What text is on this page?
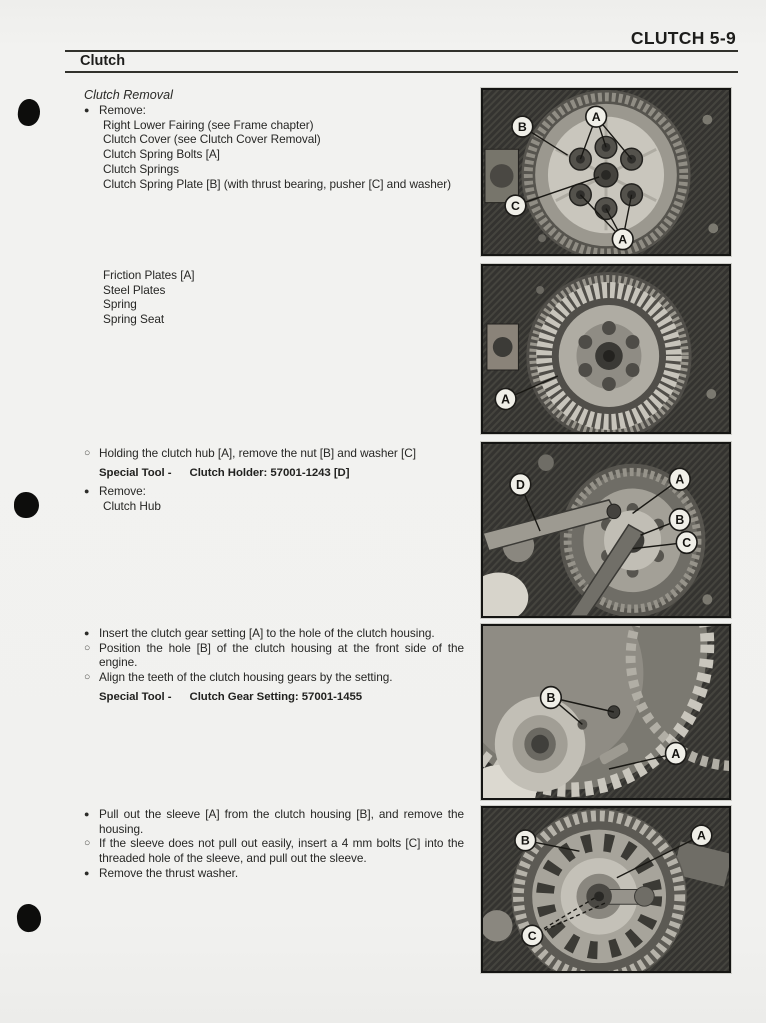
CLUTCH 5-9
Clutch
Clutch Removal
● Remove:
Right Lower Fairing (see Frame chapter)
Clutch Cover (see Clutch Cover Removal)
Clutch Spring Bolts [A]
Clutch Springs
Clutch Spring Plate [B] (with thrust bearing, pusher [C] and washer)
Friction Plates [A]
Steel Plates
Spring
Spring Seat
○ Holding the clutch hub [A], remove the nut [B] and washer [C]
Special Tool - Clutch Holder: 57001-1243 [D]
● Remove:
Clutch Hub
● Insert the clutch gear setting [A] to the hole of the clutch housing.
○ Position the hole [B] of the clutch housing at the front side of the engine.
○ Align the teeth of the clutch housing gears by the setting.
Special Tool - Clutch Gear Setting: 57001-1455
● Pull out the sleeve [A] from the clutch housing [B], and remove the housing.
○ If the sleeve does not pull out easily, insert a 4 mm bolts [C] into the threaded hole of the sleeve, and pull out the sleeve.
● Remove the thrust washer.
B
A
C
A
A
D	A
B
C
B
A
B	A
C
